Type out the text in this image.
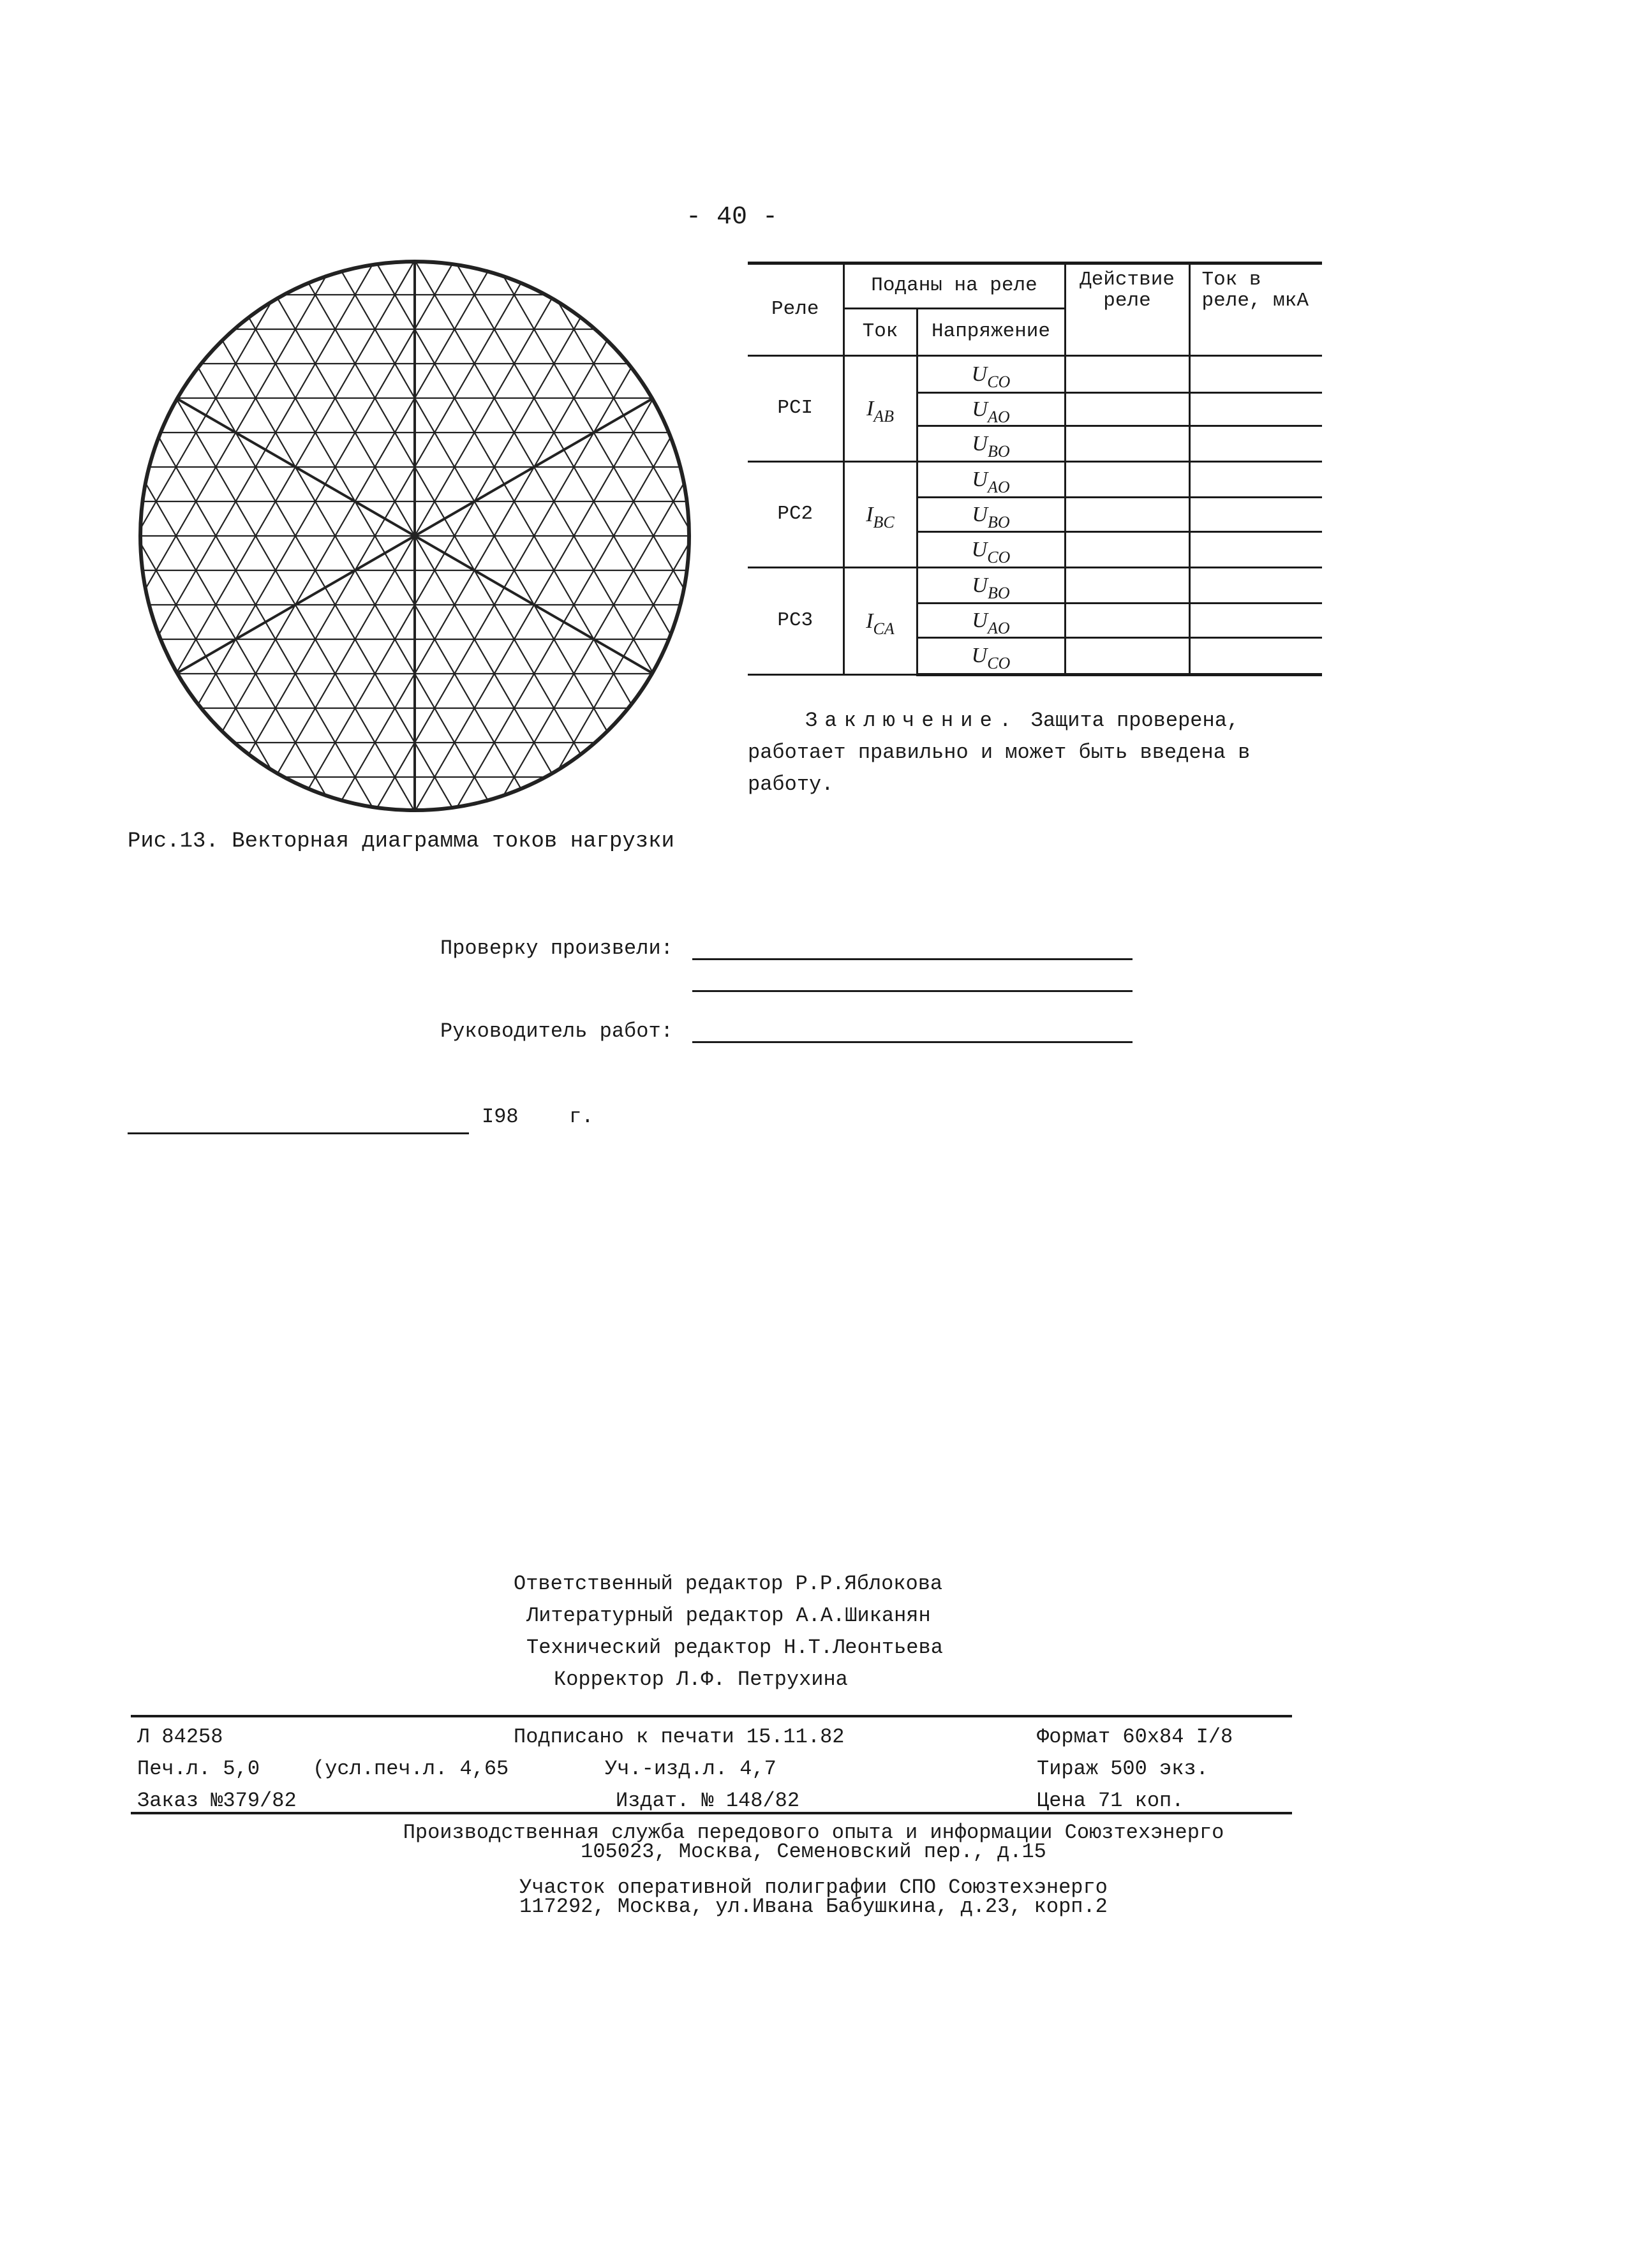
- 40 -
Рис.13. Векторная диаграмма токов нагрузки
Реле	Поданы на реле		Действие реле	Ток в реле, мкА
	Ток	Напряжение		
PCI	$I_{AB}$	$U_{CO}$		
		$U_{AO}$		
		$U_{BO}$		
PC2	$I_{BC}$	$U_{AO}$		
		$U_{BO}$		
		$U_{CO}$		
PC3	$I_{CA}$	$U_{BO}$		
		$U_{AO}$		
		$U_{CO}$		
Заключение. Защита проверена, работает правильно и может быть введена в работу.
Проверку произвели:
Руководитель работ:
I98 г.
Ответственный редактор Р.Р.Яблокова
Литературный редактор А.А.Шиканян
Технический редактор Н.Т.Леонтьева
Корректор Л.Ф. Петрухина
Л 84258	Подписано к печати 15.11.82	Формат 60х84 I/8
Печ.л. 5,0	(усл.печ.л. 4,65	Уч.-изд.л. 4,7	Тираж 500 экз.
Заказ №379/82	Издат. № 148/82	Цена 71 коп.
Производственная служба передового опыта и информации Союзтехэнерго
105023, Москва, Семеновский пер., д.15
Участок оперативной полиграфии СПО Союзтехэнерго
117292, Москва, ул.Ивана Бабушкина, д.23, корп.2
